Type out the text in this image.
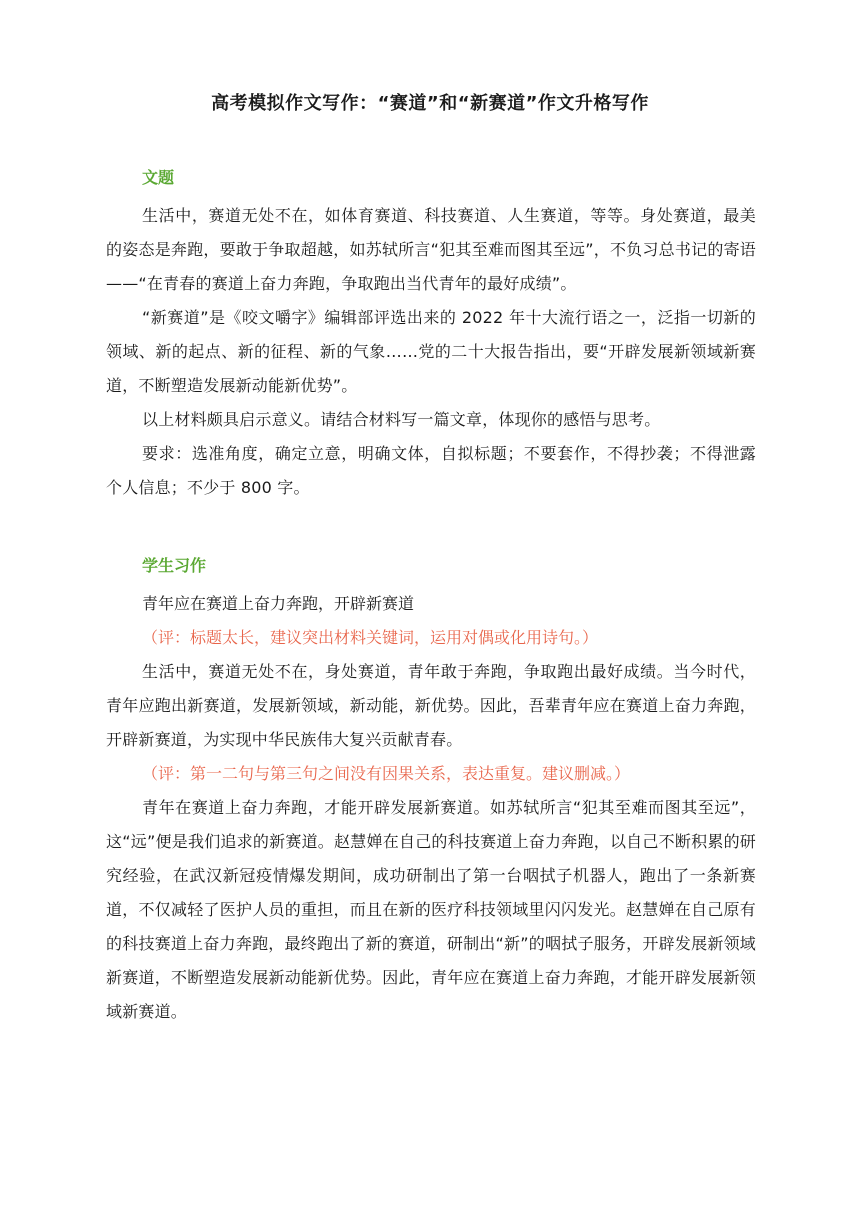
高考模拟作文写作：“赛道”和“新赛道”作文升格写作
文题

生活中，赛道无处不在，如体育赛道、科技赛道、人生赛道，等等。身处赛道，最美的姿态是奔跑，要敢于争取超越，如苏轼所言“犯其至难而图其至远”，不负习总书记的寄语——“在青春的赛道上奋力奔跑，争取跑出当代青年的最好成绩”。

“新赛道”是《咬文嚼字》编辑部评选出来的 2022 年十大流行语之一，泛指一切新的领域、新的起点、新的征程、新的气象……党的二十大报告指出，要“开辟发展新领域新赛道，不断塑造发展新动能新优势”。

以上材料颇具启示意义。请结合材料写一篇文章，体现你的感悟与思考。

要求：选准角度，确定立意，明确文体，自拟标题；不要套作，不得抄袭；不得泄露个人信息；不少于 800 字。

学生习作

青年应在赛道上奋力奔跑，开辟新赛道

（评：标题太长，建议突出材料关键词，运用对偶或化用诗句。）

生活中，赛道无处不在，身处赛道，青年敢于奔跑，争取跑出最好成绩。当今时代，青年应跑出新赛道，发展新领域，新动能，新优势。因此，吾辈青年应在赛道上奋力奔跑，开辟新赛道，为实现中华民族伟大复兴贡献青春。

（评：第一二句与第三句之间没有因果关系，表达重复。建议删减。）

青年在赛道上奋力奔跑，才能开辟发展新赛道。如苏轼所言“犯其至难而图其至远”，这“远”便是我们追求的新赛道。赵慧婵在自己的科技赛道上奋力奔跑，以自己不断积累的研究经验，在武汉新冠疫情爆发期间，成功研制出了第一台咽拭子机器人，跑出了一条新赛道，不仅减轻了医护人员的重担，而且在新的医疗科技领域里闪闪发光。赵慧婵在自己原有的科技赛道上奋力奔跑，最终跑出了新的赛道，研制出“新”的咽拭子服务，开辟发展新领域新赛道，不断塑造发展新动能新优势。因此，青年应在赛道上奋力奔跑，才能开辟发展新领域新赛道。
